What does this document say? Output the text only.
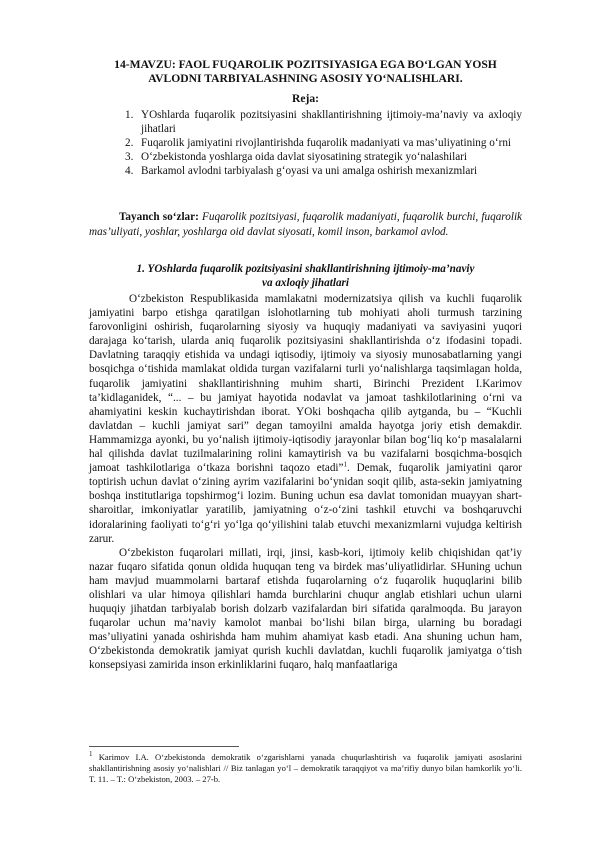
14-MAVZU: FAOL FUQAROLIK POZITSIYASIGA EGA BO‘LGAN YOSH
AVLODNI TARBIYALASHNING ASOSIY YO‘NALISHLARI.
Reja:
1. YOshlarda fuqarolik pozitsiyasini shakllantirishning ijtimoiy-ma’naviy va axloqiy jihatlari
2. Fuqarolik jamiyatini rivojlantirishda fuqarolik madaniyati va mas’uliyatining o‘rni
3. O‘zbekistonda yoshlarga oida davlat siyosatining strategik yo‘nalashilari
4. Barkamol avlodni tarbiyalash g‘oyasi va uni amalga oshirish mexanizmlari

Tayanch so‘zlar: Fuqarolik pozitsiyasi, fuqarolik madaniyati, fuqarolik burchi, fuqarolik mas’uliyati, yoshlar, yoshlarga oid davlat siyosati, komil inson, barkamol avlod.

1. YOshlarda fuqarolik pozitsiyasini shakllantirishning ijtimoiy-ma’naviy
va axloqiy jihatlari

O‘zbekiston Respublikasida mamlakatni modernizatsiya qilish va kuchli fuqarolik jamiyatini barpo etishga qaratilgan islohotlarning tub mohiyati aholi turmush tarzining farovonligini oshirish, fuqarolarning siyosiy va huquqiy madaniyati va saviyasini yuqori darajaga ko‘tarish, ularda aniq fuqarolik pozitsiyasini shakllantirishda o‘z ifodasini topadi. Davlatning taraqqiy etishida va undagi iqtisodiy, ijtimoiy va siyosiy munosabatlarning yangi bosqichga o‘tishida mamlakat oldida turgan vazifalarni turli yo‘nalishlarga taqsimlagan holda, fuqarolik jamiyatini shakllantirishning muhim sharti, Birinchi Prezident I.Karimov ta’kidlaganidek, “... – bu jamiyat hayotida nodavlat va jamoat tashkilotlarining o‘rni va ahamiyatini keskin kuchaytirishdan iborat. YOki boshqacha qilib aytganda, bu – “Kuchli davlatdan – kuchli jamiyat sari” degan tamoyilni amalda hayotga joriy etish demakdir. Hammamizga ayonki, bu yo‘nalish ijtimoiy-iqtisodiy jarayonlar bilan bog‘liq ko‘p masalalarni hal qilishda davlat tuzilmalarining rolini kamaytirish va bu vazifalarni bosqichma-bosqich jamoat tashkilotlariga o‘tkaza borishni taqozo etadi”$^1$. Demak, fuqarolik jamiyatini qaror toptirish uchun davlat o‘zining ayrim vazifalarini bo‘ynidan soqit qilib, asta-sekin jamiyatning boshqa institutlariga topshirmog‘i lozim. Buning uchun esa davlat tomonidan muayyan shart-sharoitlar, imkoniyatlar yaratilib, jamiyatning o‘z-o‘zini tashkil etuvchi va boshqaruvchi idoralarining faoliyati to‘g‘ri yo‘lga qo‘yilishini talab etuvchi mexanizmlarni vujudga keltirish zarur.

O‘zbekiston fuqarolari millati, irqi, jinsi, kasb-kori, ijtimoiy kelib chiqishidan qat’iy nazar fuqaro sifatida qonun oldida huquqan teng va birdek mas’uliyatlidirlar. SHuning uchun ham mavjud muammolarni bartaraf etishda fuqarolarning o‘z fuqarolik huquqlarini bilib olishlari va ular himoya qilishlari hamda burchlarini chuqur anglab etishlari uchun ularni huquqiy jihatdan tarbiyalab borish dolzarb vazifalardan biri sifatida qaralmoqda. Bu jarayon fuqarolar uchun ma’naviy kamolot manbai bo‘lishi bilan birga, ularning bu boradagi mas’uliyatini yanada oshirishda ham muhim ahamiyat kasb etadi. Ana shuning uchun ham, O‘zbekistonda demokratik jamiyat qurish kuchli davlatdan, kuchli fuqarolik jamiyatga o‘tish konsepsiyasi zamirida inson erkinliklarini fuqaro, halq manfaatlariga

$^1$ Karimov I.A. O‘zbekistonda demokratik o‘zgarishlarni yanada chuqurlashtirish va fuqarolik jamiyati asoslarini shakllantirishning asosiy yo‘nalishlari // Biz tanlagan yo‘l – demokratik taraqqiyot va ma’rifiy dunyo bilan hamkorlik yo‘li. T. 11. – T.: O‘zbekiston, 2003. – 27-b.
